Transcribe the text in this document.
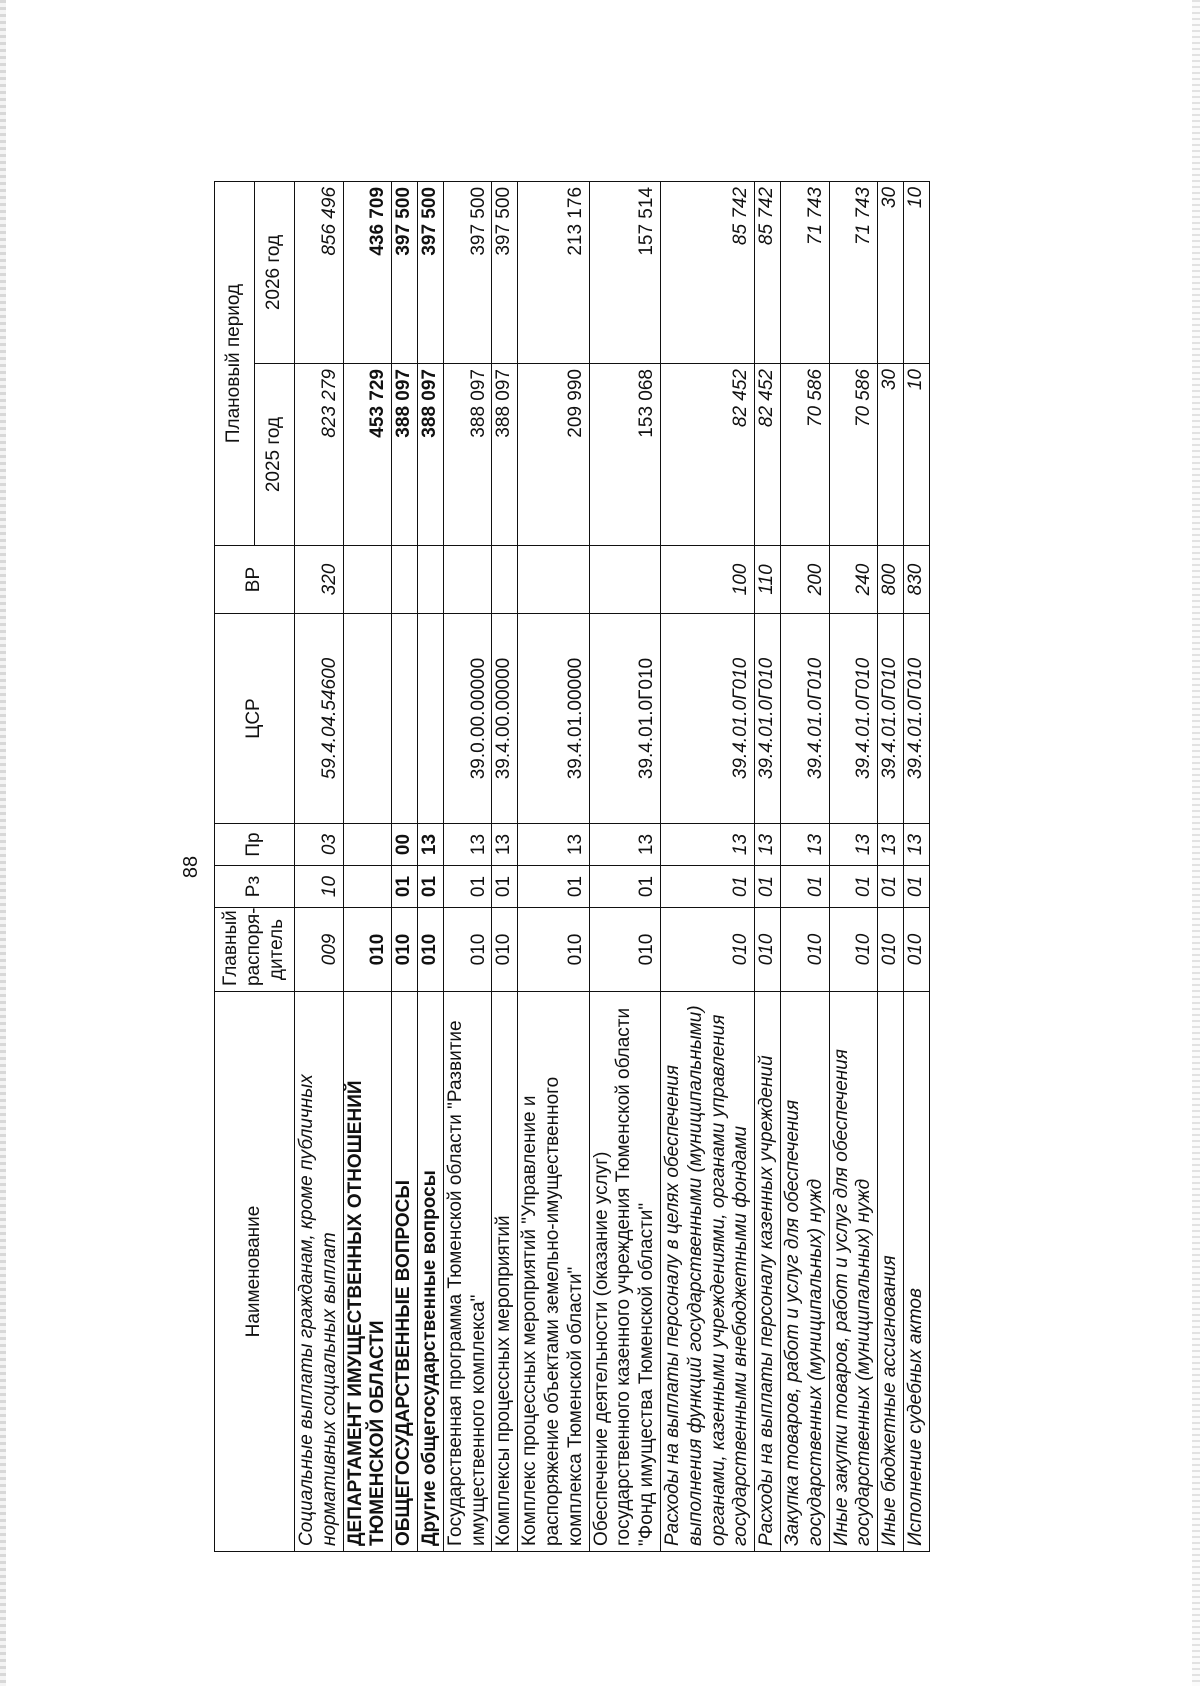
88
Наименование	Главный распоря-дитель	Рз	Пр	ЦСР	ВР	Плановый период	
						2025 год	2026 год
Социальные выплаты гражданам, кроме публичных нормативных социальных выплат	009	10	03	59.4.04.54600	320	823 279	856 496
ДЕПАРТАМЕНТ ИМУЩЕСТВЕННЫХ ОТНОШЕНИЙ ТЮМЕНСКОЙ ОБЛАСТИ	010					453 729	436 709
ОБЩЕГОСУДАРСТВЕННЫЕ ВОПРОСЫ	010	01	00			388 097	397 500
Другие общегосударственные вопросы	010	01	13			388 097	397 500
Государственная программа Тюменской области "Развитие имущественного комплекса"	010	01	13	39.0.00.00000		388 097	397 500
Комплексы процессных мероприятий	010	01	13	39.4.00.00000		388 097	397 500
Комплекс процессных мероприятий "Управление и распоряжение объектами земельно-имущественного комплекса Тюменской области"	010	01	13	39.4.01.00000		209 990	213 176
Обеспечение деятельности (оказание услуг) государственного казенного учреждения Тюменской области "Фонд имущества Тюменской области"	010	01	13	39.4.01.0Г010		153 068	157 514
Расходы на выплаты персоналу в целях обеспечения выполнения функций государственными (муниципальными) органами, казенными учреждениями, органами управления государственными внебюджетными фондами	010	01	13	39.4.01.0Г010	100	82 452	85 742
Расходы на выплаты персоналу казенных учреждений	010	01	13	39.4.01.0Г010	110	82 452	85 742
Закупка товаров, работ и услуг для обеспечения государственных (муниципальных) нужд	010	01	13	39.4.01.0Г010	200	70 586	71 743
Иные закупки товаров, работ и услуг для обеспечения государственных (муниципальных) нужд	010	01	13	39.4.01.0Г010	240	70 586	71 743
Иные бюджетные ассигнования	010	01	13	39.4.01.0Г010	800	30	30
Исполнение судебных актов	010	01	13	39.4.01.0Г010	830	10	10
